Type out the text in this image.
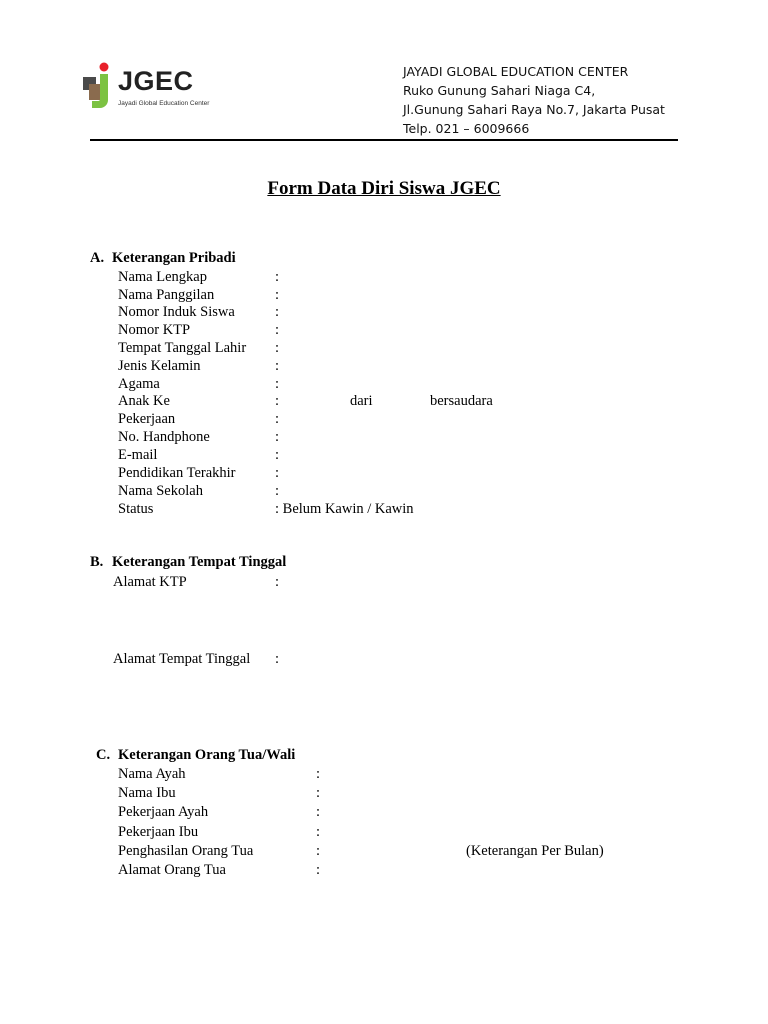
JGEC
Jayadi Global Education Center
JAYADI GLOBAL EDUCATION CENTER
Ruko Gunung Sahari Niaga C4,
Jl.Gunung Sahari Raya No.7, Jakarta Pusat
Telp. 021 – 6009666
Form Data Diri Siswa JGEC
A. Keterangan Pribadi
Nama Lengkap	:
Nama Panggilan	:
Nomor Induk Siswa	:
Nomor KTP	:
Tempat Tanggal Lahir :
Jenis Kelamin	:
Agama	:
Anak Ke	:	dari	bersaudara
Pekerjaan	:
No. Handphone	:
E-mail	:
Pendidikan Terakhir	:
Nama Sekolah	:
Status	: Belum Kawin / Kawin
B. Keterangan Tempat Tinggal
Alamat KTP	:
Alamat Tempat Tinggal :
C. Keterangan Orang Tua/Wali
Nama Ayah	:
Nama Ibu	:
Pekerjaan Ayah	:
Pekerjaan Ibu	:
Penghasilan Orang Tua	:	(Keterangan Per Bulan)
Alamat Orang Tua	:
